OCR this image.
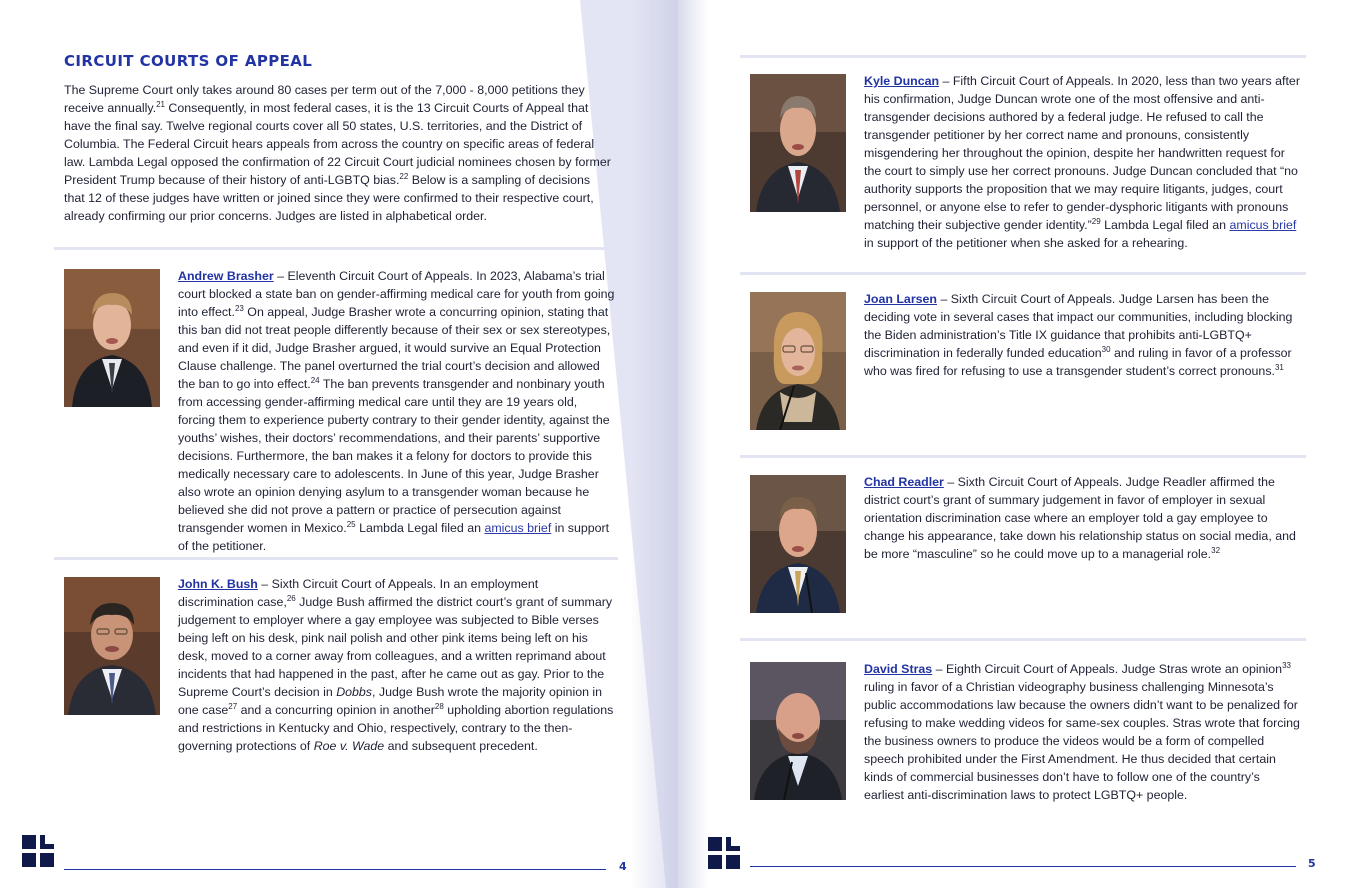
CIRCUIT COURTS OF APPEAL

The Supreme Court only takes around 80 cases per term out of the 7,000 - 8,000 petitions they receive annually.$^{21}$ Consequently, in most federal cases, it is the 13 Circuit Courts of Appeal that have the final say. Twelve regional courts cover all 50 states, U.S. territories, and the District of Columbia. The Federal Circuit hears appeals from across the country on specific areas of federal law. Lambda Legal opposed the confirmation of 22 Circuit Court judicial nominees chosen by former President Trump because of their history of anti-LGBTQ bias.$^{22}$ Below is a sampling of decisions that 12 of these judges have written or joined since they were confirmed to their respective court, already confirming our prior concerns. Judges are listed in alphabetical order.

Andrew Brasher – Eleventh Circuit Court of Appeals. In 2023, Alabama’s trial court blocked a state ban on gender-affirming medical care for youth from going into effect.$^{23}$ On appeal, Judge Brasher wrote a concurring opinion, stating that this ban did not treat people differently because of their sex or sex stereotypes, and even if it did, Judge Brasher argued, it would survive an Equal Protection Clause challenge. The panel overturned the trial court’s decision and allowed the ban to go into effect.$^{24}$ The ban prevents transgender and nonbinary youth from accessing gender-affirming medical care until they are 19 years old, forcing them to experience puberty contrary to their gender identity, against the youths’ wishes, their doctors’ recommendations, and their parents’ supportive decisions. Furthermore, the ban makes it a felony for doctors to provide this medically necessary care to adolescents. In June of this year, Judge Brasher also wrote an opinion denying asylum to a transgender woman because he believed she did not prove a pattern or practice of persecution against transgender women in Mexico.$^{25}$ Lambda Legal filed an amicus brief in support of the petitioner.

John K. Bush – Sixth Circuit Court of Appeals. In an employment discrimination case,$^{26}$ Judge Bush affirmed the district court’s grant of summary judgement to employer where a gay employee was subjected to Bible verses being left on his desk, pink nail polish and other pink items being left on his desk, moved to a corner away from colleagues, and a written reprimand about incidents that had happened in the past, after he came out as gay. Prior to the Supreme Court’s decision in Dobbs, Judge Bush wrote the majority opinion in one case$^{27}$ and a concurring opinion in another$^{28}$ upholding abortion regulations and restrictions in Kentucky and Ohio, respectively, contrary to the then-governing protections of Roe v. Wade and subsequent precedent.

4

Kyle Duncan – Fifth Circuit Court of Appeals. In 2020, less than two years after his confirmation, Judge Duncan wrote one of the most offensive and anti-transgender decisions authored by a federal judge. He refused to call the transgender petitioner by her correct name and pronouns, consistently misgendering her throughout the opinion, despite her handwritten request for the court to simply use her correct pronouns. Judge Duncan concluded that “no authority supports the proposition that we may require litigants, judges, court personnel, or anyone else to refer to gender-dysphoric litigants with pronouns matching their subjective gender identity.”$^{29}$ Lambda Legal filed an amicus brief in support of the petitioner when she asked for a rehearing.

Joan Larsen – Sixth Circuit Court of Appeals. Judge Larsen has been the deciding vote in several cases that impact our communities, including blocking the Biden administration’s Title IX guidance that prohibits anti-LGBTQ+ discrimination in federally funded education$^{30}$ and ruling in favor of a professor who was fired for refusing to use a transgender student’s correct pronouns.$^{31}$

Chad Readler – Sixth Circuit Court of Appeals. Judge Readler affirmed the district court’s grant of summary judgement in favor of employer in sexual orientation discrimination case where an employer told a gay employee to change his appearance, take down his relationship status on social media, and be more “masculine” so he could move up to a managerial role.$^{32}$

David Stras – Eighth Circuit Court of Appeals. Judge Stras wrote an opinion$^{33}$ ruling in favor of a Christian videography business challenging Minnesota’s public accommodations law because the owners didn’t want to be penalized for refusing to make wedding videos for same-sex couples. Stras wrote that forcing the business owners to produce the videos would be a form of compelled speech prohibited under the First Amendment. He thus decided that certain kinds of commercial businesses don’t have to follow one of the country’s earliest anti-discrimination laws to protect LGBTQ+ people.

5
